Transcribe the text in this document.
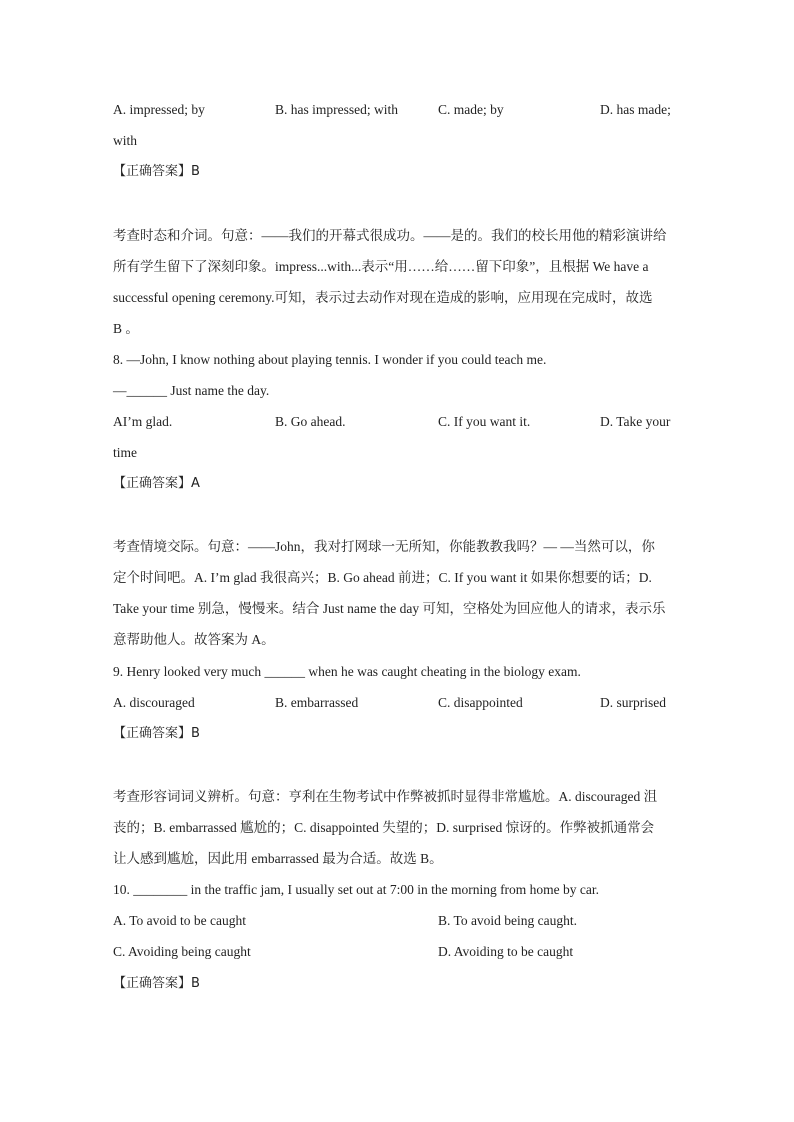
A. impressed; by	B. has impressed; with	C. made; by	D. has made;
with
【正确答案】B
考查时态和介词。句意：——我们的开幕式很成功。——是的。我们的校长用他的精彩演讲给
所有学生留下了深刻印象。impress...with...表示“用……给……留下印象”，且根据 We have a
successful opening ceremony.可知，表示过去动作对现在造成的影响，应用现在完成时，故选
B 。
8. —John, I know nothing about playing tennis. I wonder if you could teach me.
—______ Just name the day.
AI’m glad.	B. Go ahead.	C. If you want it.	D. Take your
time
【正确答案】A
考查情境交际。句意：——John，我对打网球一无所知，你能教教我吗？— —当然可以，你
定个时间吧。A. I’m glad 我很高兴；B. Go ahead 前进；C. If you want it 如果你想要的话；D.
Take your time 别急，慢慢来。结合 Just name the day 可知，空格处为回应他人的请求，表示乐
意帮助他人。故答案为 A。
9. Henry looked very much ______ when he was caught cheating in the biology exam.
A. discouraged	B. embarrassed	C. disappointed	D. surprised
【正确答案】B
考查形容词词义辨析。句意：亨利在生物考试中作弊被抓时显得非常尴尬。A. discouraged 沮
丧的；B. embarrassed 尴尬的；C. disappointed 失望的；D. surprised 惊讶的。作弊被抓通常会
让人感到尴尬，因此用 embarrassed 最为合适。故选 B。
10. ________ in the traffic jam, I usually set out at 7:00 in the morning from home by car.
A. To avoid to be caught	B. To avoid being caught.
C. Avoiding being caught	D. Avoiding to be caught
【正确答案】B
